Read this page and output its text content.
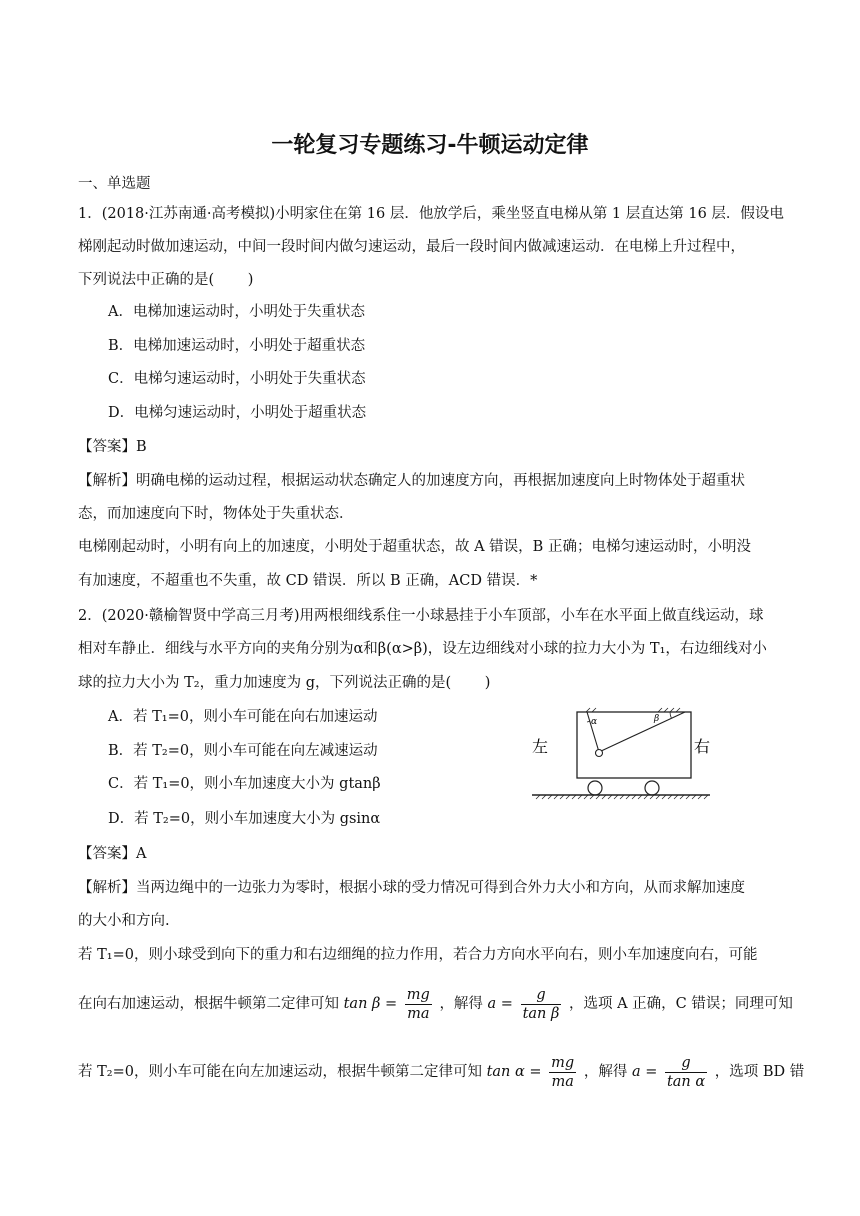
一轮复习专题练习-牛顿运动定律
一、单选题
1．(2018·江苏南通·高考模拟)小明家住在第 16 层．他放学后，乘坐竖直电梯从第 1 层直达第 16 层．假设电
梯刚起动时做加速运动，中间一段时间内做匀速运动，最后一段时间内做减速运动．在电梯上升过程中，
下列说法中正确的是(　　 )
A．电梯加速运动时，小明处于失重状态
B．电梯加速运动时，小明处于超重状态
C．电梯匀速运动时，小明处于失重状态
D．电梯匀速运动时，小明处于超重状态
【答案】B
【解析】明确电梯的运动过程，根据运动状态确定人的加速度方向，再根据加速度向上时物体处于超重状
态，而加速度向下时，物体处于失重状态．
电梯刚起动时，小明有向上的加速度，小明处于超重状态，故 A 错误，B 正确；电梯匀速运动时，小明没
有加速度，不超重也不失重，故 CD 错误．所以 B 正确，ACD 错误．*
2．(2020·赣榆智贤中学高三月考)用两根细线系住一小球悬挂于小车顶部，小车在水平面上做直线运动，球
相对车静止．细线与水平方向的夹角分别为α和β(α>β)，设左边细线对小球的拉力大小为 T₁，右边细线对小
球的拉力大小为 T₂，重力加速度为 g，下列说法正确的是(　　 )
A．若 T₁=0，则小车可能在向右加速运动
B．若 T₂=0，则小车可能在向左减速运动
C．若 T₁=0，则小车加速度大小为 gtanβ
D．若 T₂=0，则小车加速度大小为 gsinα
α	β
左	右
【答案】A
【解析】当两边绳中的一边张力为零时，根据小球的受力情况可得到合外力大小和方向，从而求解加速度
的大小和方向.
若 T₁=0，则小球受到向下的重力和右边细绳的拉力作用，若合力方向水平向右，则小车加速度向右，可能
在向右加速运动，根据牛顿第二定律可知 $\tan \beta = \frac{mg}{ma}$ ，解得 $a = \frac{g}{\text{tan β}}$ ，选项 A 正确，C 错误；同理可知
若 T₂=0，则小车可能在向左加速运动，根据牛顿第二定律可知 $\tan \alpha = \frac{mg}{ma}$ ，解得 $a = \frac{g}{\text{tan α}}$ ，选项 BD 错
